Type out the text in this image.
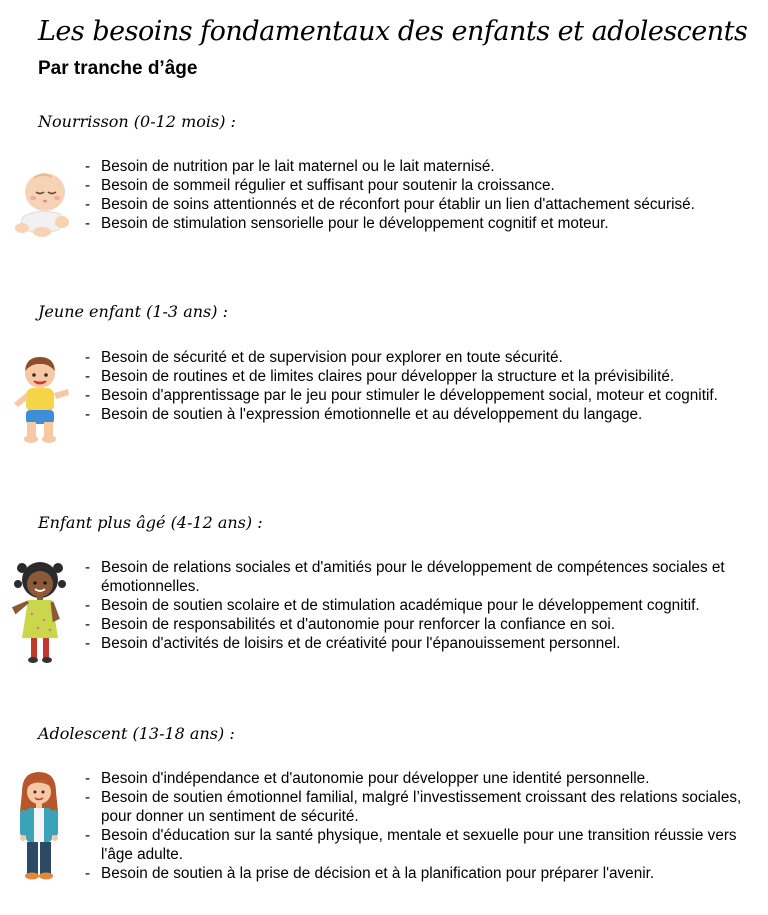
Les besoins fondamentaux des enfants et adolescents
Par tranche d’âge
Nourrisson (0-12 mois) :
- Besoin de nutrition par le lait maternel ou le lait maternisé.
- Besoin de sommeil régulier et suffisant pour soutenir la croissance.
- Besoin de soins attentionnés et de réconfort pour établir un lien d'attachement sécurisé.
- Besoin de stimulation sensorielle pour le développement cognitif et moteur.
Jeune enfant (1-3 ans) :
- Besoin de sécurité et de supervision pour explorer en toute sécurité.
- Besoin de routines et de limites claires pour développer la structure et la prévisibilité.
- Besoin d'apprentissage par le jeu pour stimuler le développement social, moteur et cognitif.
- Besoin de soutien à l'expression émotionnelle et au développement du langage.
Enfant plus âgé (4-12 ans) :
- Besoin de relations sociales et d'amitiés pour le développement de compétences sociales et émotionnelles.
- Besoin de soutien scolaire et de stimulation académique pour le développement cognitif.
- Besoin de responsabilités et d'autonomie pour renforcer la confiance en soi.
- Besoin d'activités de loisirs et de créativité pour l'épanouissement personnel.
Adolescent (13-18 ans) :
- Besoin d'indépendance et d'autonomie pour développer une identité personnelle.
- Besoin de soutien émotionnel familial, malgré l’investissement croissant des relations sociales, pour donner un sentiment de sécurité.
- Besoin d'éducation sur la santé physique, mentale et sexuelle pour une transition réussie vers l'âge adulte.
- Besoin de soutien à la prise de décision et à la planification pour préparer l'avenir.
